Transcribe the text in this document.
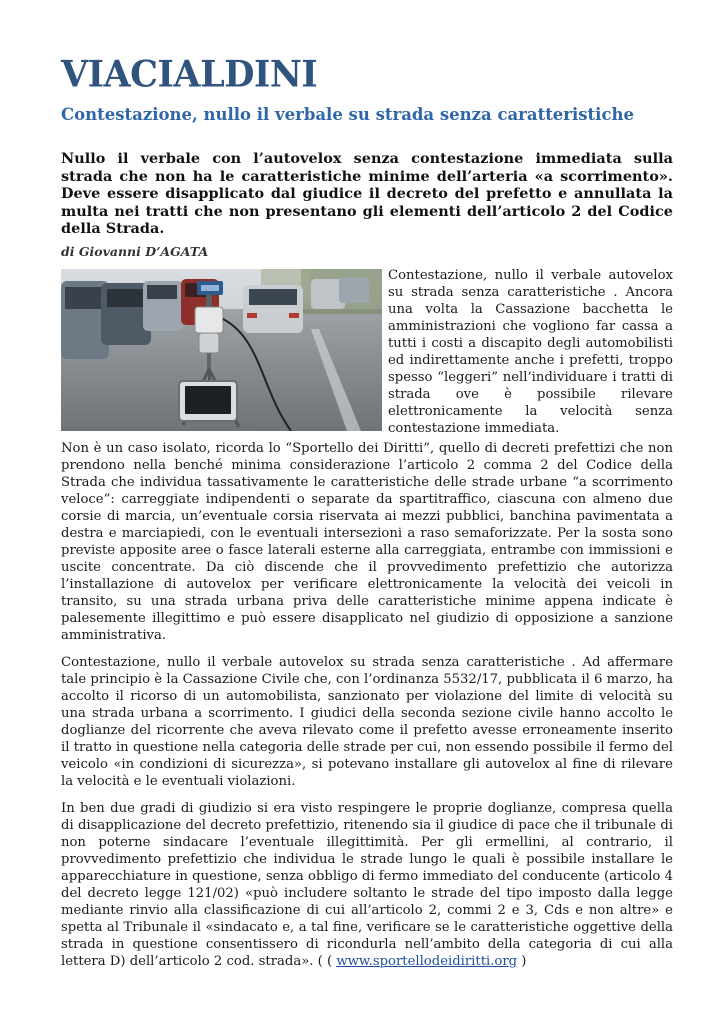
VIACIALDINI
Contestazione, nullo il verbale su strada senza caratteristiche
Nullo il verbale con l’autovelox senza contestazione immediata sulla strada che non ha le caratteristiche minime dell’arteria «a scorrimento». Deve essere disapplicato dal giudice il decreto del prefetto e annullata la multa nei tratti che non presentano gli elementi dell’articolo 2 del Codice della Strada.
di Giovanni D’AGATA

Contestazione, nullo il verbale autovelox su strada senza caratteristiche . Ancora una volta la Cassazione bacchetta le amministrazioni che vogliono far cassa a tutti i costi a discapito degli automobilisti ed indirettamente anche i prefetti, troppo spesso “leggeri” nell’individuare i tratti di strada ove è possibile rilevare elettronicamente la velocità senza contestazione immediata.

Non è un caso isolato, ricorda lo “Sportello dei Diritti”, quello di decreti prefettizi che non prendono nella benché minima considerazione l’articolo 2 comma 2 del Codice della Strada che individua tassativamente le caratteristiche delle strade urbane “a scorrimento veloce”: carreggiate indipendenti o separate da spartitraffico, ciascuna con almeno due corsie di marcia, un’eventuale corsia riservata ai mezzi pubblici, banchina pavimentata a destra e marciapiedi, con le eventuali intersezioni a raso semaforizzate. Per la sosta sono previste apposite aree o fasce laterali esterne alla carreggiata, entrambe con immissioni e uscite concentrate. Da ciò discende che il provvedimento prefettizio che autorizza l’installazione di autovelox per verificare elettronicamente la velocità dei veicoli in transito, su una strada urbana priva delle caratteristiche minime appena indicate è palesemente illegittimo e può essere disapplicato nel giudizio di opposizione a sanzione amministrativa.

Contestazione, nullo il verbale autovelox su strada senza caratteristiche . Ad affermare tale principio è la Cassazione Civile che, con l’ordinanza 5532/17, pubblicata il 6 marzo, ha accolto il ricorso di un automobilista, sanzionato per violazione del limite di velocità su una strada urbana a scorrimento. I giudici della seconda sezione civile hanno accolto le doglianze del ricorrente che aveva rilevato come il prefetto avesse erroneamente inserito il tratto in questione nella categoria delle strade per cui, non essendo possibile il fermo del veicolo «in condizioni di sicurezza», si potevano installare gli autovelox al fine di rilevare la velocità e le eventuali violazioni.

In ben due gradi di giudizio si era visto respingere le proprie doglianze, compresa quella di disapplicazione del decreto prefettizio, ritenendo sia il giudice di pace che il tribunale di non poterne sindacare l’eventuale illegittimità. Per gli ermellini, al contrario, il provvedimento prefettizio che individua le strade lungo le quali è possibile installare le apparecchiature in questione, senza obbligo di fermo immediato del conducente (articolo 4 del decreto legge 121/02) «può includere soltanto le strade del tipo imposto dalla legge mediante rinvio alla classificazione di cui all’articolo 2, commi 2 e 3, Cds e non altre» e spetta al Tribunale il «sindacato e, a tal fine, verificare se le caratteristiche oggettive della strada in questione consentissero di ricondurla nell’ambito della categoria di cui alla lettera D) dell’articolo 2 cod. strada». ( ( www.sportellodeidiritti.org )
